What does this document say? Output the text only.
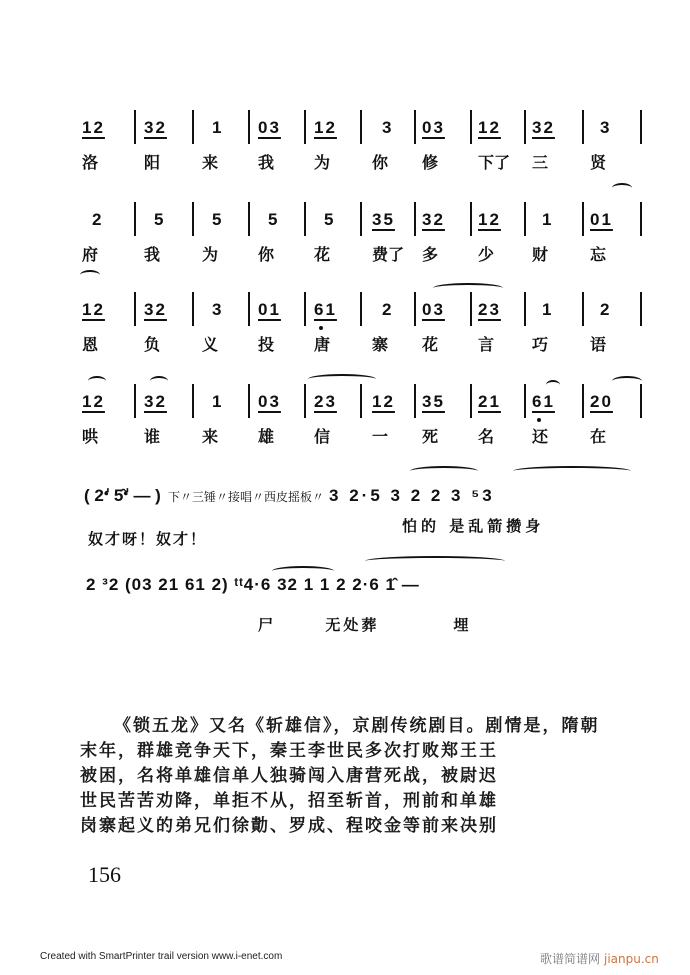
12
洛
32
阳
1
来
03
我
12
为
3
你
03
修
12
下了
32
三
3
贤
2
府
5
我
5
为
5
你
5
花
35
费了
32
多
12
少
1
财
01
忘
12
恩
32
负
3
义
01
投
61
唐
2
寨
03
花
23
言
1
巧
2
语
12
哄
32
谁
1
来
03
雄
23
信
12
一
35
死
21
名
61
还
20
在
( 2ᔊ 5̂ᔊ — ) 下〃三锤〃接唱〃西皮摇板〃 3 2·5 3 2 2 3 ⁵3
奴才呀！奴才！
怕的 是乱箭攒身
2 ³2 (03 21 61 2) ᵗᵗ4·6 32 1 1 2 2·6 1̂ —
尸      无处葬         埋

《锁五龙》又名《斩雄信》，京剧传统剧目。剧情是，隋朝

末年，群雄竞争天下，秦王李世民多次打败郑王王

被困，名将单雄信单人独骑闯入唐营死战，被尉迟

世民苦苦劝降，单拒不从，招至斩首，刑前和单雄

岗寨起义的弟兄们徐勣、罗成、程咬金等前来决别

156
Created with SmartPrinter trail version www.i-enet.com	歌谱简谱网 jianpu.cn
